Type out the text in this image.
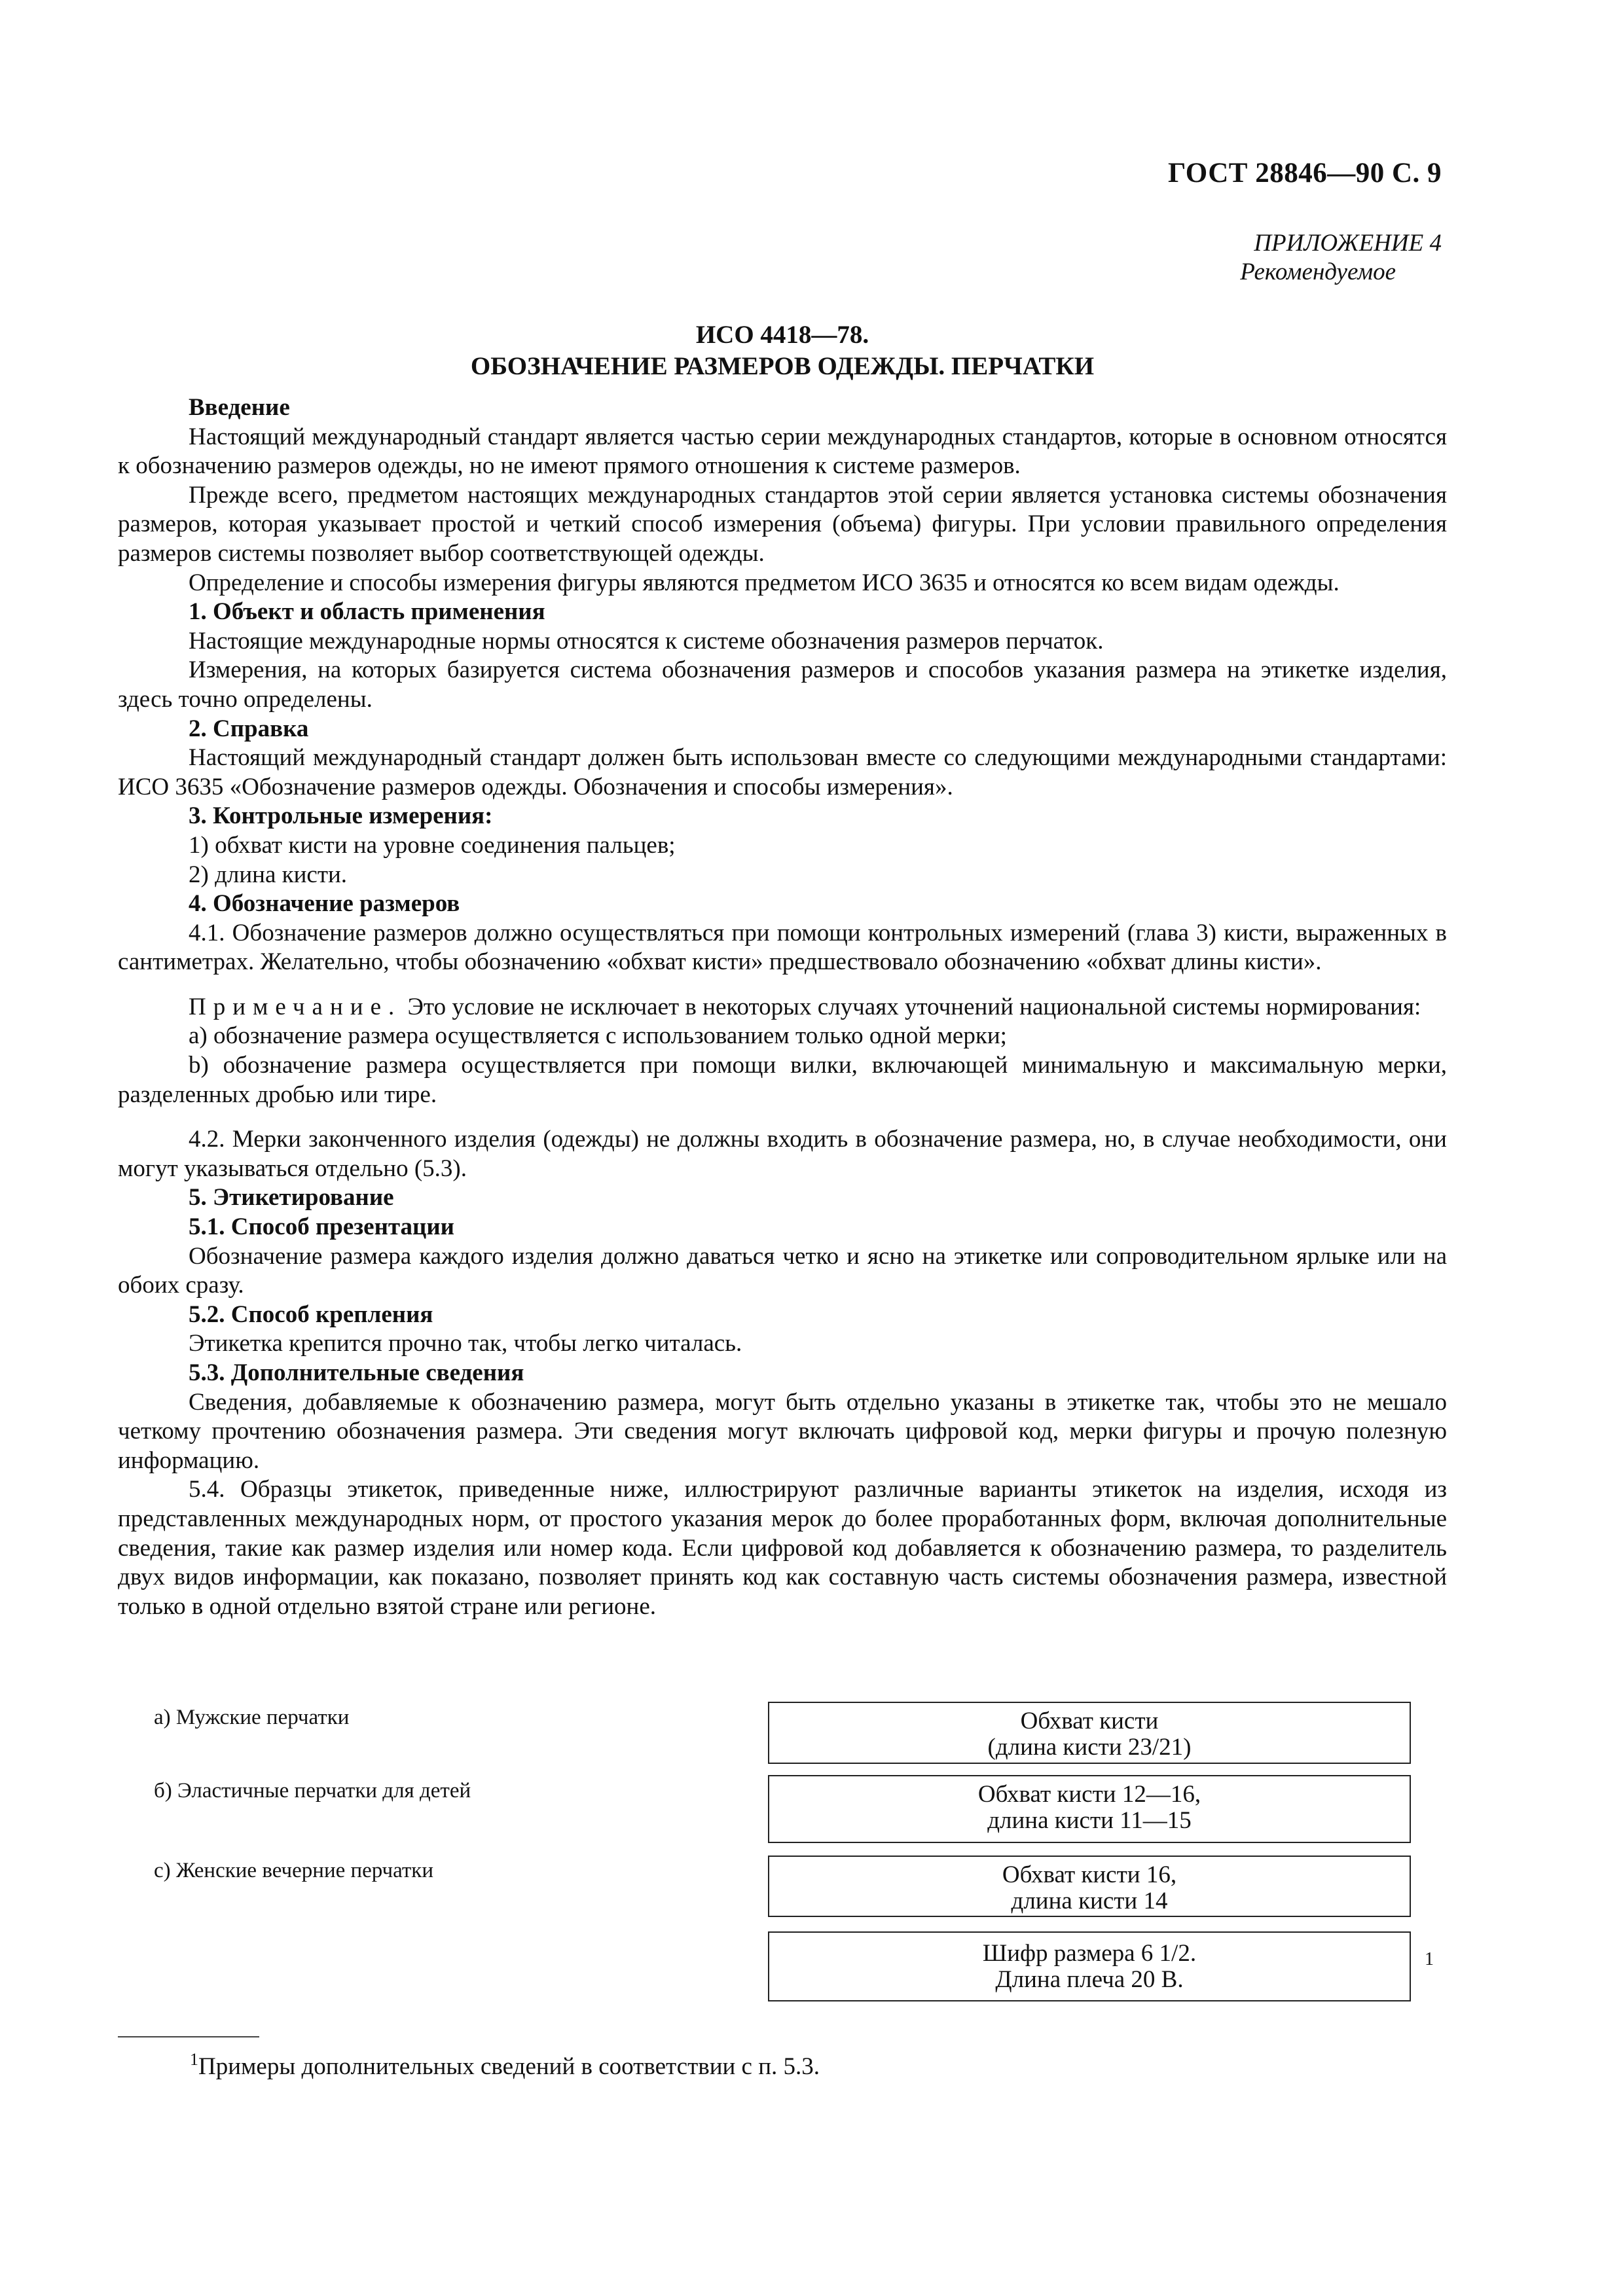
ГОСТ 28846—90 С. 9
ПРИЛОЖЕНИЕ 4
Рекомендуемое
ИСО 4418—78.
ОБОЗНАЧЕНИЕ РАЗМЕРОВ ОДЕЖДЫ. ПЕРЧАТКИ
Введение

Настоящий международный стандарт является частью серии международных стандартов, которые в основном относятся к обозначению размеров одежды, но не имеют прямого отношения к системе размеров.

Прежде всего, предметом настоящих международных стандартов этой серии является установка системы обозначения размеров, которая указывает простой и четкий способ измерения (объема) фигуры. При условии правильного определения размеров системы позволяет выбор соответствующей одежды.

Определение и способы измерения фигуры являются предметом ИСО 3635 и относятся ко всем видам одежды.

1. Объект и область применения

Настоящие международные нормы относятся к системе обозначения размеров перчаток.

Измерения, на которых базируется система обозначения размеров и способов указания размера на этикетке изделия, здесь точно определены.

2. Справка

Настоящий международный стандарт должен быть использован вместе со следующими международными стандартами: ИСО 3635 «Обозначение размеров одежды. Обозначения и способы измерения».

3. Контрольные измерения:

1) обхват кисти на уровне соединения пальцев;

2) длина кисти.

4. Обозначение размеров

4.1. Обозначение размеров должно осуществляться при помощи контрольных измерений (глава 3) кисти, выраженных в сантиметрах. Желательно, чтобы обозначению «обхват кисти» предшествовало обозначению «обхват длины кисти».

Примечание. Это условие не исключает в некоторых случаях уточнений национальной системы нормирования:

a) обозначение размера осуществляется с использованием только одной мерки;

b) обозначение размера осуществляется при помощи вилки, включающей минимальную и максимальную мерки, разделенных дробью или тире.

4.2. Мерки законченного изделия (одежды) не должны входить в обозначение размера, но, в случае необходимости, они могут указываться отдельно (5.3).

5. Этикетирование
5.1. Способ презентации

Обозначение размера каждого изделия должно даваться четко и ясно на этикетке или сопроводительном ярлыке или на обоих сразу.

5.2. Способ крепления

Этикетка крепится прочно так, чтобы легко читалась.

5.3. Дополнительные сведения

Сведения, добавляемые к обозначению размера, могут быть отдельно указаны в этикетке так, чтобы это не мешало четкому прочтению обозначения размера. Эти сведения могут включать цифровой код, мерки фигуры и прочую полезную информацию.

5.4. Образцы этикеток, приведенные ниже, иллюстрируют различные варианты этикеток на изделия, исходя из представленных международных норм, от простого указания мерок до более проработанных форм, включая дополнительные сведения, такие как размер изделия или номер кода. Если цифровой код добавляется к обозначению размера, то разделитель двух видов информации, как показано, позволяет принять код как составную часть системы обозначения размера, известной только в одной отдельно взятой стране или регионе.

а) Мужские перчатки
б) Эластичные перчатки для детей
с) Женские вечерние перчатки
Обхват кисти
(длина кисти 23/21)
Обхват кисти 12—16,
длина кисти 11—15
Обхват кисти 16,
длина кисти 14
Шифр размера 6 1/2.
Длина плеча 20 В.
1
$^1$Примеры дополнительных сведений в соответствии с п. 5.3.
